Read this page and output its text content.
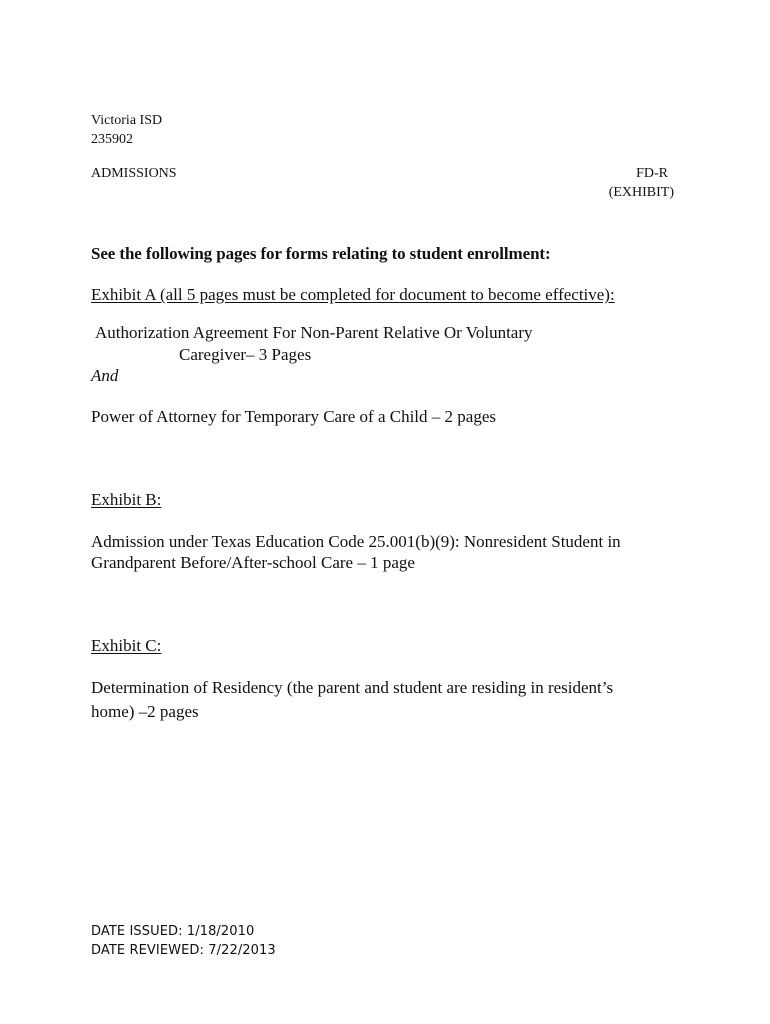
Victoria ISD
235902
ADMISSIONS	FD-R
(EXHIBIT)
See the following pages for forms relating to student enrollment:
Exhibit A (all 5 pages must be completed for document to become effective):
Authorization Agreement For Non-Parent Relative Or Voluntary
Caregiver– 3 Pages
And
Power of Attorney for Temporary Care of a Child – 2 pages
Exhibit B:
Admission under Texas Education Code 25.001(b)(9): Nonresident Student in
Grandparent Before/After-school Care – 1 page
Exhibit C:
Determination of Residency (the parent and student are residing in resident’s
home) –2 pages
DATE ISSUED: 1/18/2010
DATE REVIEWED: 7/22/2013
